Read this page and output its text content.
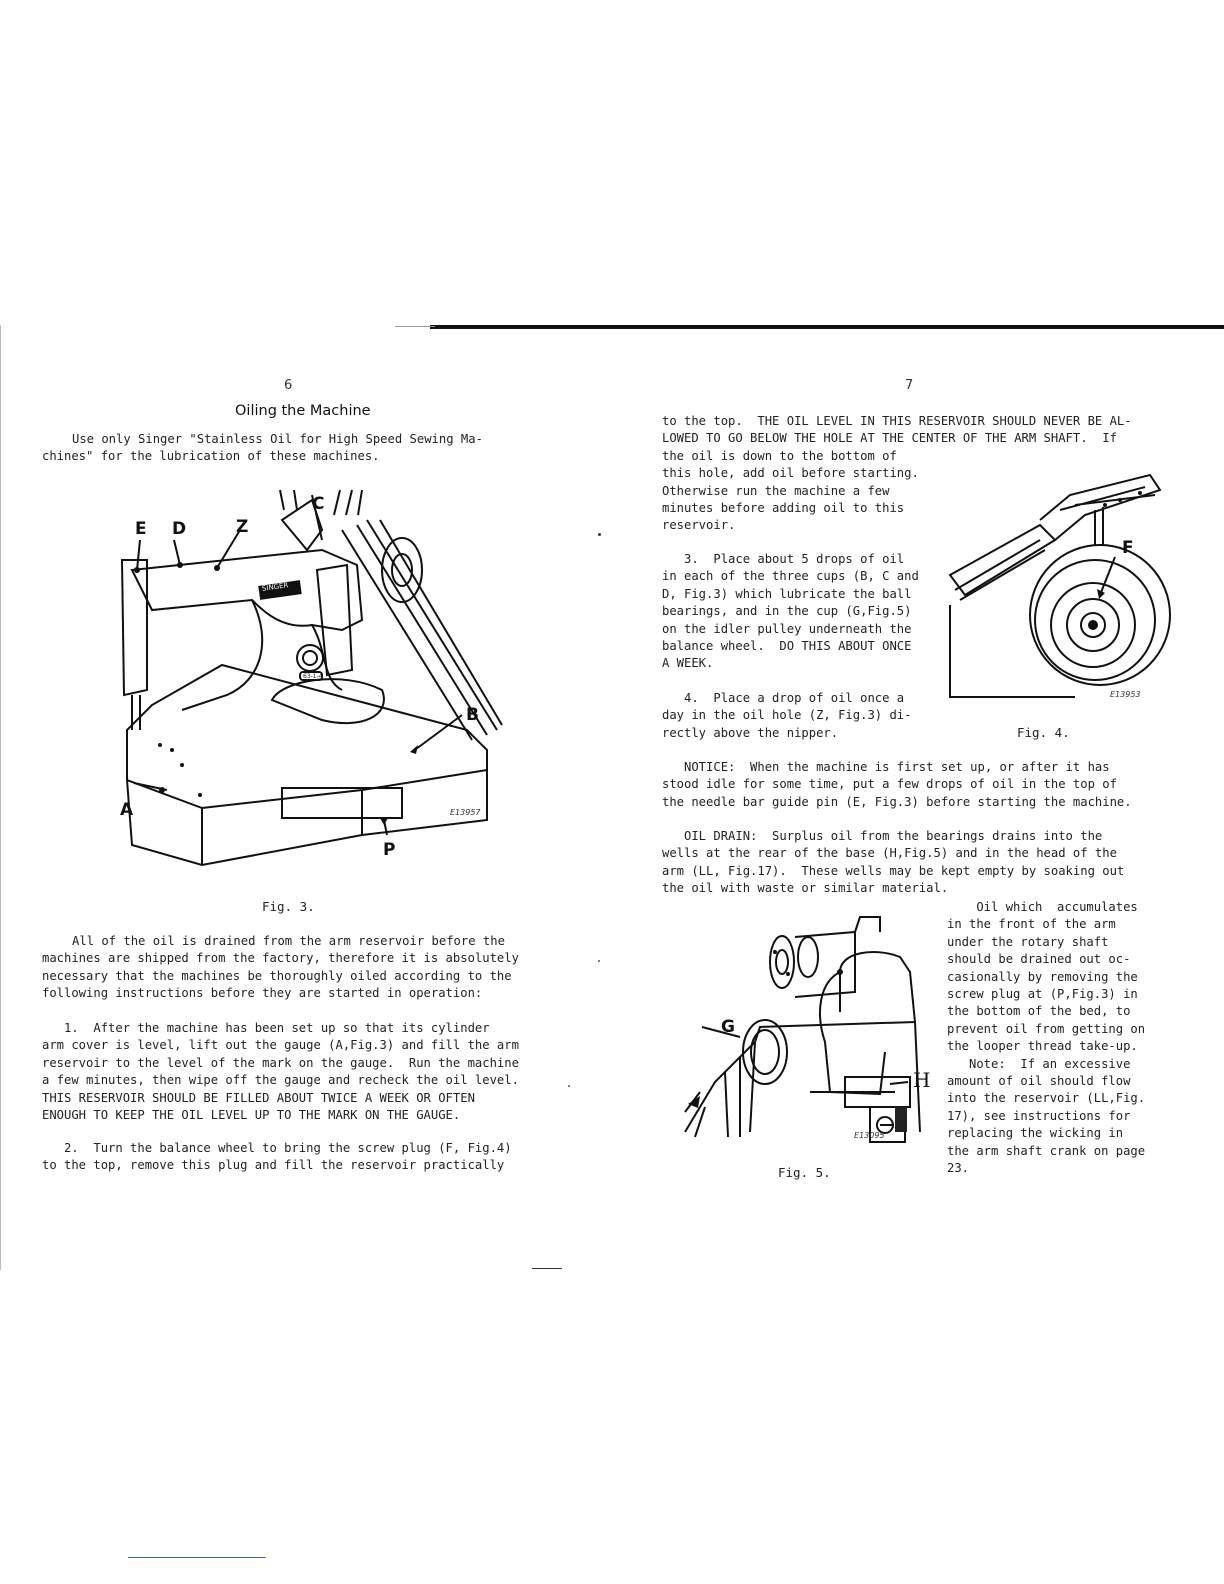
6
Oiling the Machine
Use only Singer "Stainless Oil for High Speed Sewing Ma-
chines" for the lubrication of these machines.
E D	Z
C
B
A
P
SINGER
63-1-4
E13957
Fig. 3.
All of the oil is drained from the arm reservoir before the
machines are shipped from the factory, therefore it is absolutely
necessary that the machines be thoroughly oiled according to the
following instructions before they are started in operation:
1.  After the machine has been set up so that its cylinder
arm cover is level, lift out the gauge (A,Fig.3) and fill the arm
reservoir to the level of the mark on the gauge.  Run the machine
a few minutes, then wipe off the gauge and recheck the oil level.
THIS RESERVOIR SHOULD BE FILLED ABOUT TWICE A WEEK OR OFTEN
ENOUGH TO KEEP THE OIL LEVEL UP TO THE MARK ON THE GAUGE.
2.  Turn the balance wheel to bring the screw plug (F, Fig.4)
to the top, remove this plug and fill the reservoir practically
7
to the top.  THE OIL LEVEL IN THIS RESERVOIR SHOULD NEVER BE AL-
LOWED TO GO BELOW THE HOLE AT THE CENTER OF THE ARM SHAFT.  If
the oil is down to the bottom of
this hole, add oil before starting.
Otherwise run the machine a few
minutes before adding oil to this
reservoir.
3.  Place about 5 drops of oil
in each of the three cups (B, C and
D, Fig.3) which lubricate the ball
bearings, and in the cup (G,Fig.5)
on the idler pulley underneath the
balance wheel.  DO THIS ABOUT ONCE
A WEEK.
4.  Place a drop of oil once a
day in the oil hole (Z, Fig.3) di-
rectly above the nipper.
F
E13953
Fig. 4.
NOTICE:  When the machine is first set up, or after it has
stood idle for some time, put a few drops of oil in the top of
the needle bar guide pin (E, Fig.3) before starting the machine.
OIL DRAIN:  Surplus oil from the bearings drains into the
wells at the rear of the base (H,Fig.5) and in the head of the
arm (LL, Fig.17).  These wells may be kept empty by soaking out
the oil with waste or similar material.
G
H
E13095
Fig. 5.
Oil which  accumulates
in the front of the arm
under the rotary shaft
should be drained out oc-
casionally by removing the
screw plug at (P,Fig.3) in
the bottom of the bed, to
prevent oil from getting on
the looper thread take-up.
Note:  If an excessive
amount of oil should flow
into the reservoir (LL,Fig.
17), see instructions for
replacing the wicking in
the arm shaft crank on page
23.
